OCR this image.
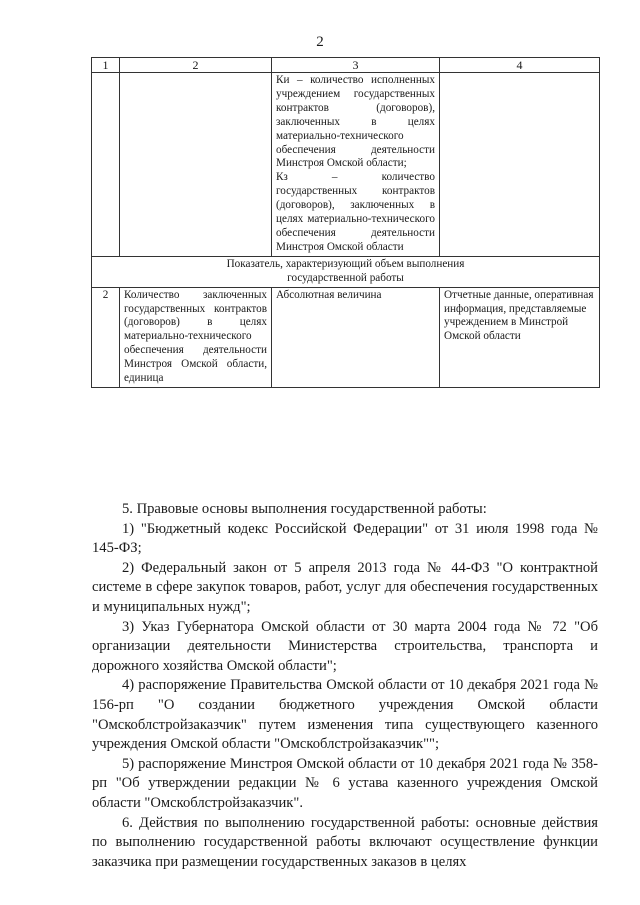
2
1	2	3	4

		Ки – количество исполненных учреждением государственных контрактов (договоров), заключенных в целях материально-технического обеспечения деятельности Минстроя Омской области;
Кз – количество государственных контрактов (договоров), заключенных в целях материально-технического обеспечения деятельности Минстроя Омской области	

Показатель, характеризующий объем выполнения
государственной работы			

2	Количество заключенных государственных контрактов (договоров) в целях материально-технического обеспечения деятельности Минстроя Омской области, единица	Абсолютная величина	Отчетные данные, оперативная информация, представляемые учреждением в Минстрой Омской области

5. Правовые основы выполнения государственной работы:

1) "Бюджетный кодекс Российской Федерации" от 31 июля 1998 года № 145-ФЗ;

2) Федеральный закон от 5 апреля 2013 года № 44-ФЗ "О контрактной системе в сфере закупок товаров, работ, услуг для обеспечения государственных и муниципальных нужд";

3) Указ Губернатора Омской области от 30 марта 2004 года № 72 "Об организации деятельности Министерства строительства, транспорта и дорожного хозяйства Омской области";

4) распоряжение Правительства Омской области от 10 декабря 2021 года № 156-рп "О создании бюджетного учреждения Омской области "Омскоблстройзаказчик" путем изменения типа существующего казенного учреждения Омской области "Омскоблстройзаказчик"";

5) распоряжение Минстроя Омской области от 10 декабря 2021 года № 358-рп "Об утверждении редакции № 6 устава казенного учреждения Омской области "Омскоблстройзаказчик".

6. Действия по выполнению государственной работы: основные действия по выполнению государственной работы включают осуществление функции заказчика при размещении государственных заказов в целях
